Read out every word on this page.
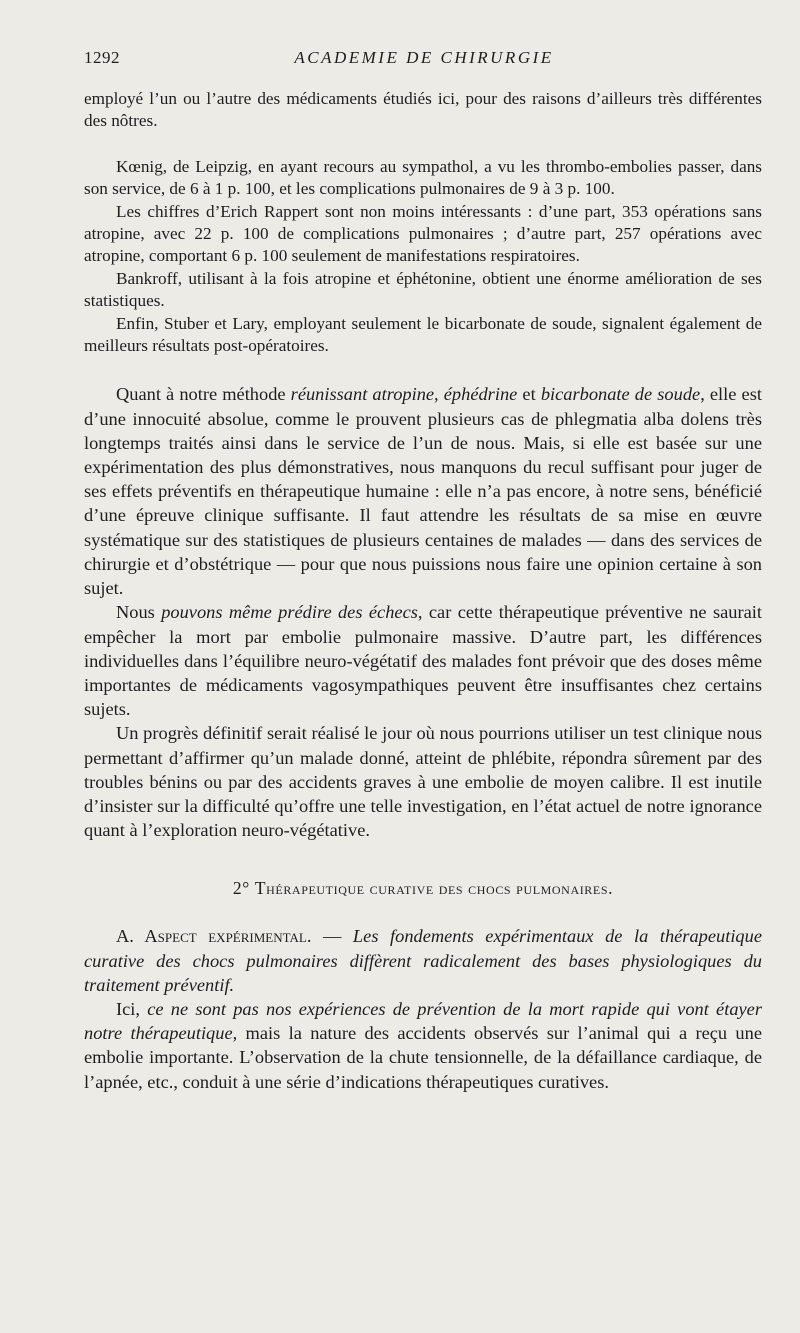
1292	ACADEMIE DE CHIRURGIE

employé l’un ou l’autre des médicaments étudiés ici, pour des raisons d’ailleurs très différentes des nôtres.

Kœnig, de Leipzig, en ayant recours au sympathol, a vu les thrombo-embolies passer, dans son service, de 6 à 1 p. 100, et les complications pulmonaires de 9 à 3 p. 100.

Les chiffres d’Erich Rappert sont non moins intéressants : d’une part, 353 opérations sans atropine, avec 22 p. 100 de complications pulmonaires ; d’autre part, 257 opérations avec atropine, comportant 6 p. 100 seulement de manifestations respiratoires.

Bankroff, utilisant à la fois atropine et éphétonine, obtient une énorme amélioration de ses statistiques.

Enfin, Stuber et Lary, employant seulement le bicarbonate de soude, signalent également de meilleurs résultats post-opératoires.

Quant à notre méthode réunissant atropine, éphédrine et bicarbonate de soude, elle est d’une innocuité absolue, comme le prouvent plusieurs cas de phlegmatia alba dolens très longtemps traités ainsi dans le service de l’un de nous. Mais, si elle est basée sur une expérimentation des plus démonstratives, nous manquons du recul suffisant pour juger de ses effets préventifs en thérapeutique humaine : elle n’a pas encore, à notre sens, bénéficié d’une épreuve clinique suffisante. Il faut attendre les résultats de sa mise en œuvre systématique sur des statistiques de plusieurs centaines de malades — dans des services de chirurgie et d’obstétrique — pour que nous puissions nous faire une opinion certaine à son sujet.

Nous pouvons même prédire des échecs, car cette thérapeutique préventive ne saurait empêcher la mort par embolie pulmonaire massive. D’autre part, les différences individuelles dans l’équilibre neuro-végétatif des malades font prévoir que des doses même importantes de médicaments vagosympathiques peuvent être insuffisantes chez certains sujets.

Un progrès définitif serait réalisé le jour où nous pourrions utiliser un test clinique nous permettant d’affirmer qu’un malade donné, atteint de phlébite, répondra sûrement par des troubles bénins ou par des accidents graves à une embolie de moyen calibre. Il est inutile d’insister sur la difficulté qu’offre une telle investigation, en l’état actuel de notre ignorance quant à l’exploration neuro-végétative.

2° Thérapeutique curative des chocs pulmonaires.

A. Aspect expérimental. — Les fondements expérimentaux de la thérapeutique curative des chocs pulmonaires diffèrent radicalement des bases physiologiques du traitement préventif.

Ici, ce ne sont pas nos expériences de prévention de la mort rapide qui vont étayer notre thérapeutique, mais la nature des accidents observés sur l’animal qui a reçu une embolie importante. L’observation de la chute tensionnelle, de la défaillance cardiaque, de l’apnée, etc., conduit à une série d’indications thérapeutiques curatives.
